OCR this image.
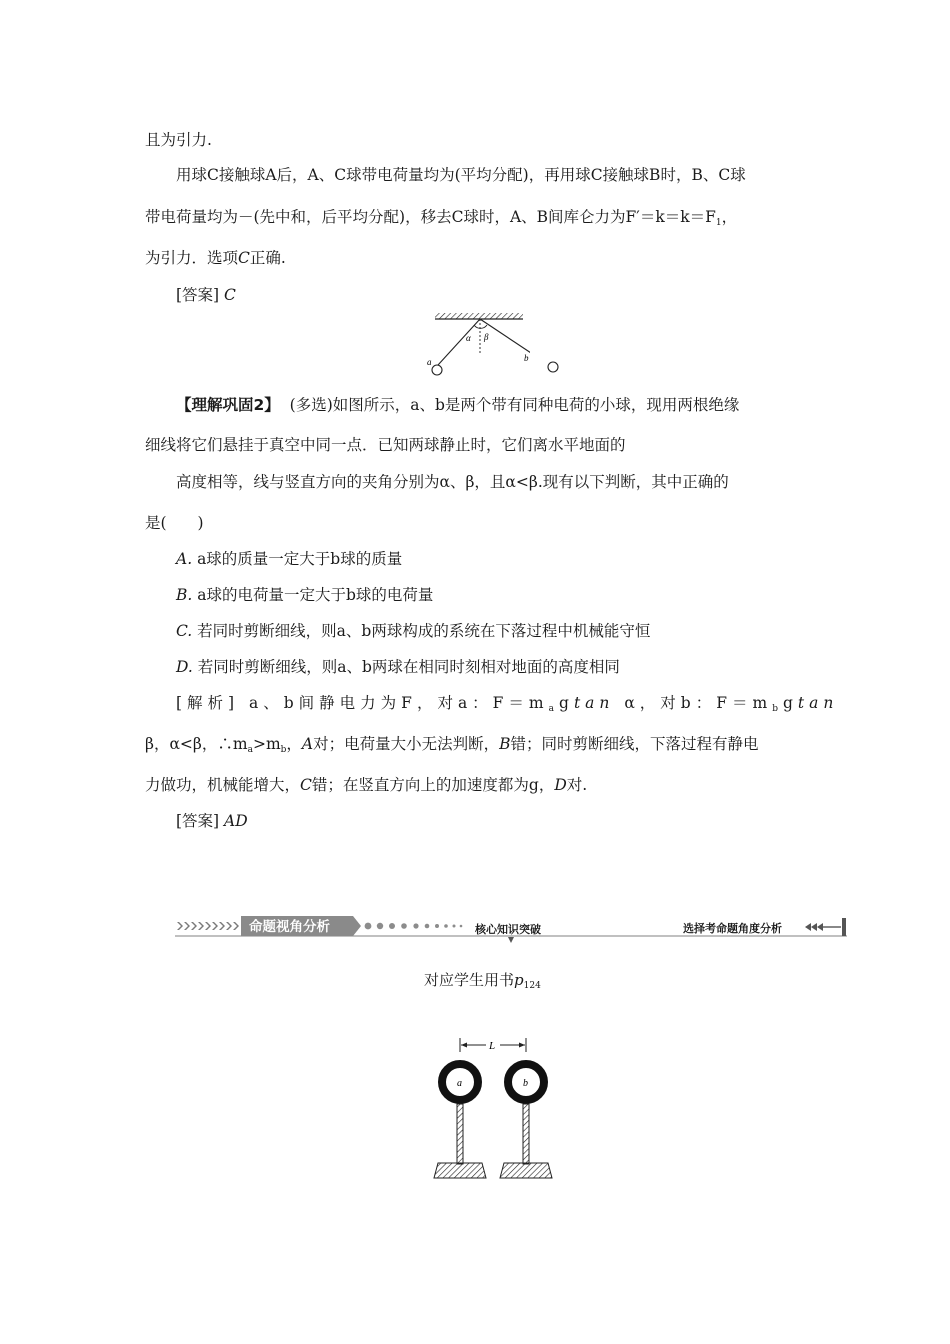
且为引力.
用球C接触球A后，A、C球带电荷量均为(平均分配)，再用球C接触球B时，B、C球
带电荷量均为－(先中和，后平均分配)，移去C球时，A、B间库仑力为$F'=k=k=F_1$，
为引力．选项C正确.
[答案] C
α β
a	b
【理解巩固2】 (多选)如图所示，a、b是两个带有同种电荷的小球，现用两根绝缘
细线将它们悬挂于真空中同一点．已知两球静止时，它们离水平地面的
高度相等，线与竖直方向的夹角分别为α、β，且α<β.现有以下判断，其中正确的
是(　　)
A. a球的质量一定大于b球的质量
B. a球的电荷量一定大于b球的电荷量
C. 若同时剪断细线，则a、b两球构成的系统在下落过程中机械能守恒
D. 若同时剪断细线，则a、b两球在相同时刻相对地面的高度相同
[解析] a、b间静电力为F，对a：$F=m_agtan$ α，对b：$F=m_bgtan$
β，α<β，$\therefore m_a>m_b$，A对；电荷量大小无法判断，B错；同时剪断细线，下落过程有静电
力做功，机械能增大，C错；在竖直方向上的加速度都为g，D对.
[答案] AD
命题视角分析	核心知识突破	选择考命题角度分析
对应学生用书$p_{124}$
L
a	b
